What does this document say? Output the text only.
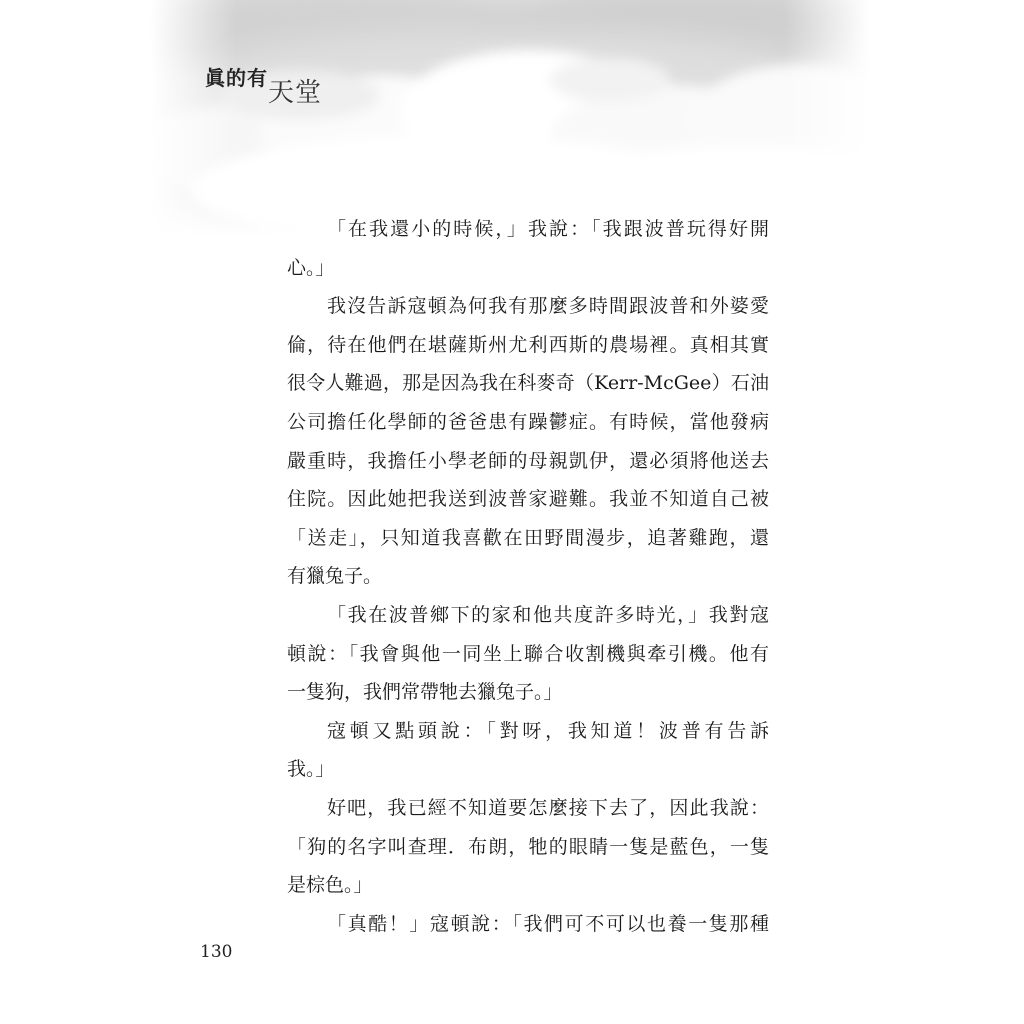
眞的有天堂
「在我還小的時候，」我說：「我跟波普玩得好開
心。」
我沒告訴寇頓為何我有那麼多時間跟波普和外婆愛
倫，待在他們在堪薩斯州尤利西斯的農場裡。真相其實
很令人難過，那是因為我在科麥奇（Kerr-McGee）石油
公司擔任化學師的爸爸患有躁鬱症。有時候，當他發病
嚴重時，我擔任小學老師的母親凱伊，還必須將他送去
住院。因此她把我送到波普家避難。我並不知道自己被
「送走」，只知道我喜歡在田野間漫步，追著雞跑，還
有獵兔子。
「我在波普鄉下的家和他共度許多時光，」我對寇
頓說：「我會與他一同坐上聯合收割機與牽引機。他有
一隻狗，我們常帶牠去獵兔子。」
寇頓又點頭說：「對呀，我知道！波普有告訴
我。」
好吧，我已經不知道要怎麼接下去了，因此我說：
「狗的名字叫查理．布朗，牠的眼睛一隻是藍色，一隻
是棕色。」
「真酷！」寇頓說：「我們可不可以也養一隻那種
130
